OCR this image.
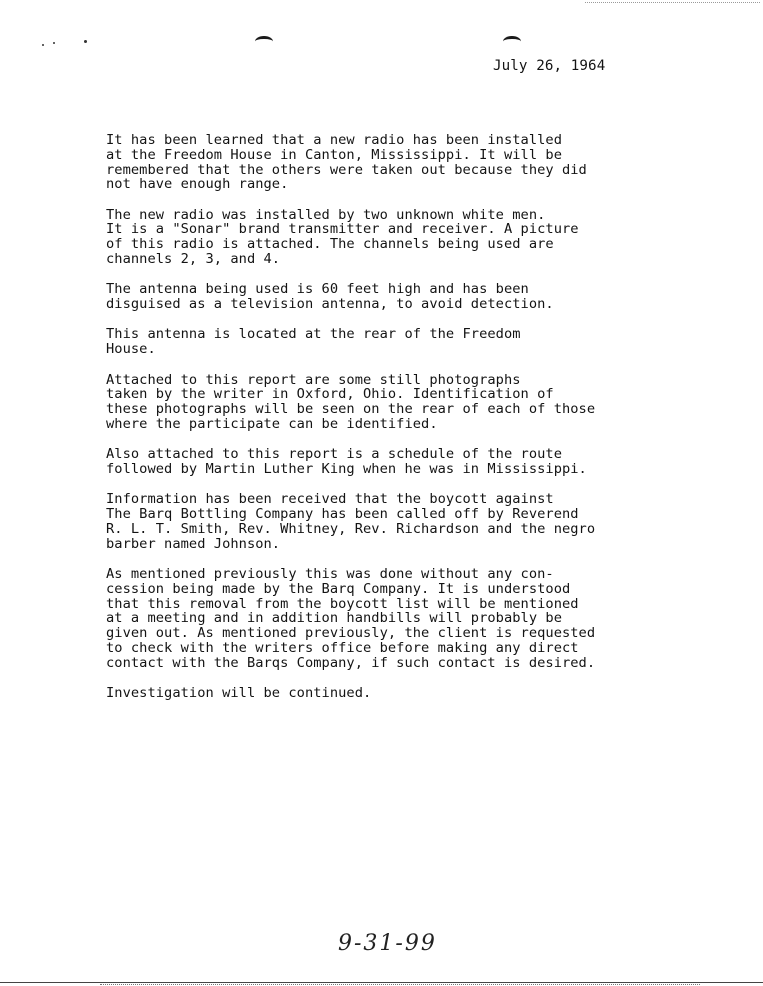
July 26, 1964

It has been learned that a new radio has been installed
at the Freedom House in Canton, Mississippi. It will be
remembered that the others were taken out because they did
not have enough range.

The new radio was installed by two unknown white men.
It is a "Sonar" brand transmitter and receiver. A picture
of this radio is attached. The channels being used are
channels 2, 3, and 4.

The antenna being used is 60 feet high and has been
disguised as a television antenna, to avoid detection.

This antenna is located at the rear of the Freedom
House.

Attached to this report are some still photographs
taken by the writer in Oxford, Ohio. Identification of
these photographs will be seen on the rear of each of those
where the participate can be identified.

Also attached to this report is a schedule of the route
followed by Martin Luther King when he was in Mississippi.

Information has been received that the boycott against
The Barq Bottling Company has been called off by Reverend
R. L. T. Smith, Rev. Whitney, Rev. Richardson and the negro
barber named Johnson.

As mentioned previously this was done without any con-
cession being made by the Barq Company. It is understood
that this removal from the boycott list will be mentioned
at a meeting and in addition handbills will probably be
given out. As mentioned previously, the client is requested
to check with the writers office before making any direct
contact with the Barqs Company, if such contact is desired.

Investigation will be continued.

9-31-99
